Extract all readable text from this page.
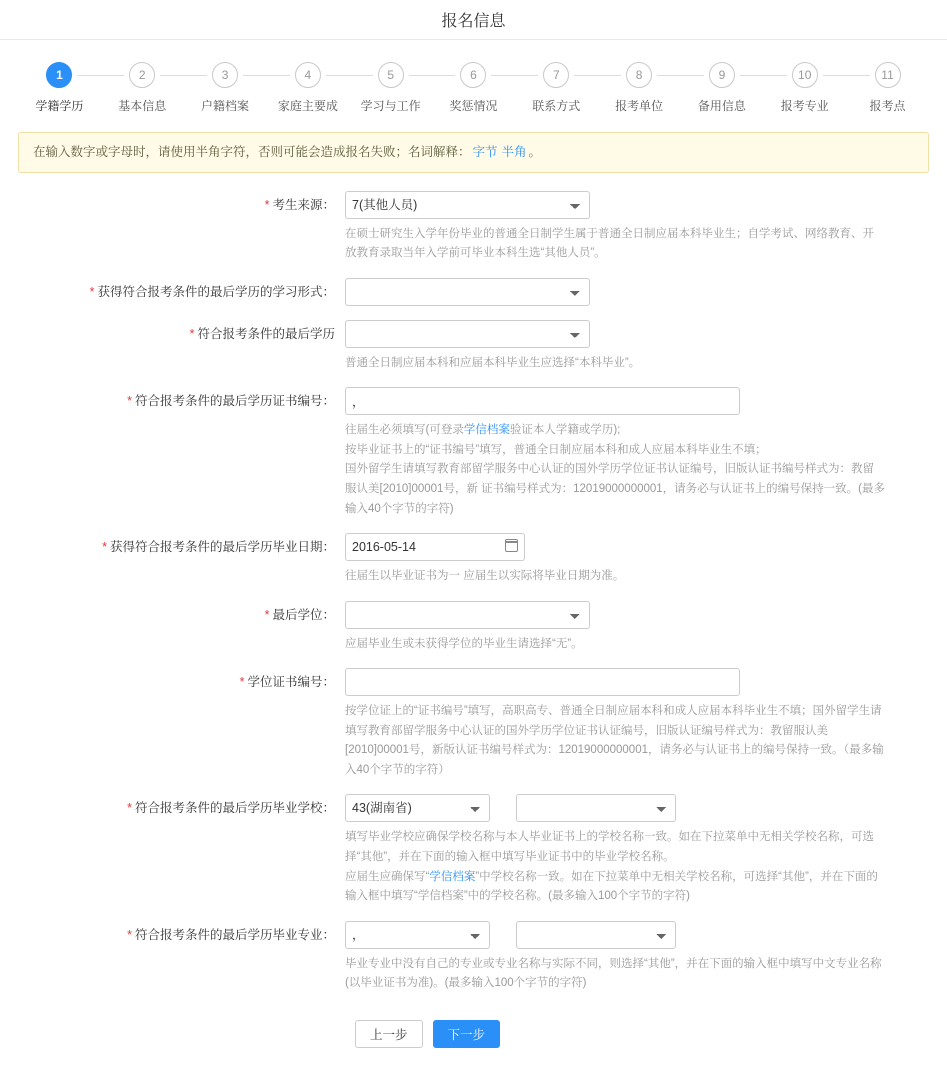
报名信息
1
学籍学历
2
基本信息
3
户籍档案
4
家庭主要成
5
学习与工作
6
奖惩情况
7
联系方式
8
报考单位
9
备用信息
10
报考专业
11
报考点
在输入数字或字母时，请使用半角字符，否则可能会造成报名失败；名词解释： 字节 半角 。
* 考生来源：
7(其他人员)
在硕士研究生入学年份毕业的普通全日制学生属于普通全日制应届本科毕业生；自学考试、网络教育、开放教育录取当年入学前可毕业本科生选“其他人员”。
* 获得符合报考条件的最后学历的学习形式：
* 符合报考条件的最后学历
普通全日制应届本科和应届本科毕业生应选择“本科毕业”。
* 符合报考条件的最后学历证书编号：
，
往届生必须填写(可登录学信档案验证本人学籍或学历);
按毕业证书上的“证书编号”填写，普通全日制应届本科和成人应届本科毕业生不填；
国外留学生请填写教育部留学服务中心认证的国外学历学位证书认证编号，旧版认证书编号样式为：教留服认美[2010]00001号，新 证书编号样式为：12019000000001，请务必与认证书上的编号保持一致。(最多输入40个字节的字符)
* 获得符合报考条件的最后学历毕业日期：
2016-05-14
往届生以毕业证书为一 应届生以实际将毕业日期为准。
* 最后学位：
应届毕业生或未获得学位的毕业生请选择“无”。
* 学位证书编号：
按学位证上的“证书编号”填写，高职高专、普通全日制应届本科和成人应届本科毕业生不填；国外留学生请填写教育部留学服务中心认证的国外学历学位证书认证编号，旧版认证编号样式为：教留服认美[2010]00001号，新版认证书编号样式为：12019000000001，请务必与认证书上的编号保持一致。（最多输入40个字节的字符）
* 符合报考条件的最后学历毕业学校：
43(湖南省)
填写毕业学校应确保学校名称与本人毕业证书上的学校名称一致。如在下拉菜单中无相关学校名称，可选择“其他”，并在下面的输入框中填写毕业证书中的毕业学校名称。
应届生应确保写“学信档案”中学校名称一致。如在下拉菜单中无相关学校名称，可选择“其他”，并在下面的输入框中填写“学信档案”中的学校名称。(最多输入100个字节的字符)
* 符合报考条件的最后学历毕业专业：
，
毕业专业中没有自己的专业或专业名称与实际不同，则选择“其他”，并在下面的输入框中填写中文专业名称(以毕业证书为准)。(最多输入100个字节的字符)
上一步	下一步
